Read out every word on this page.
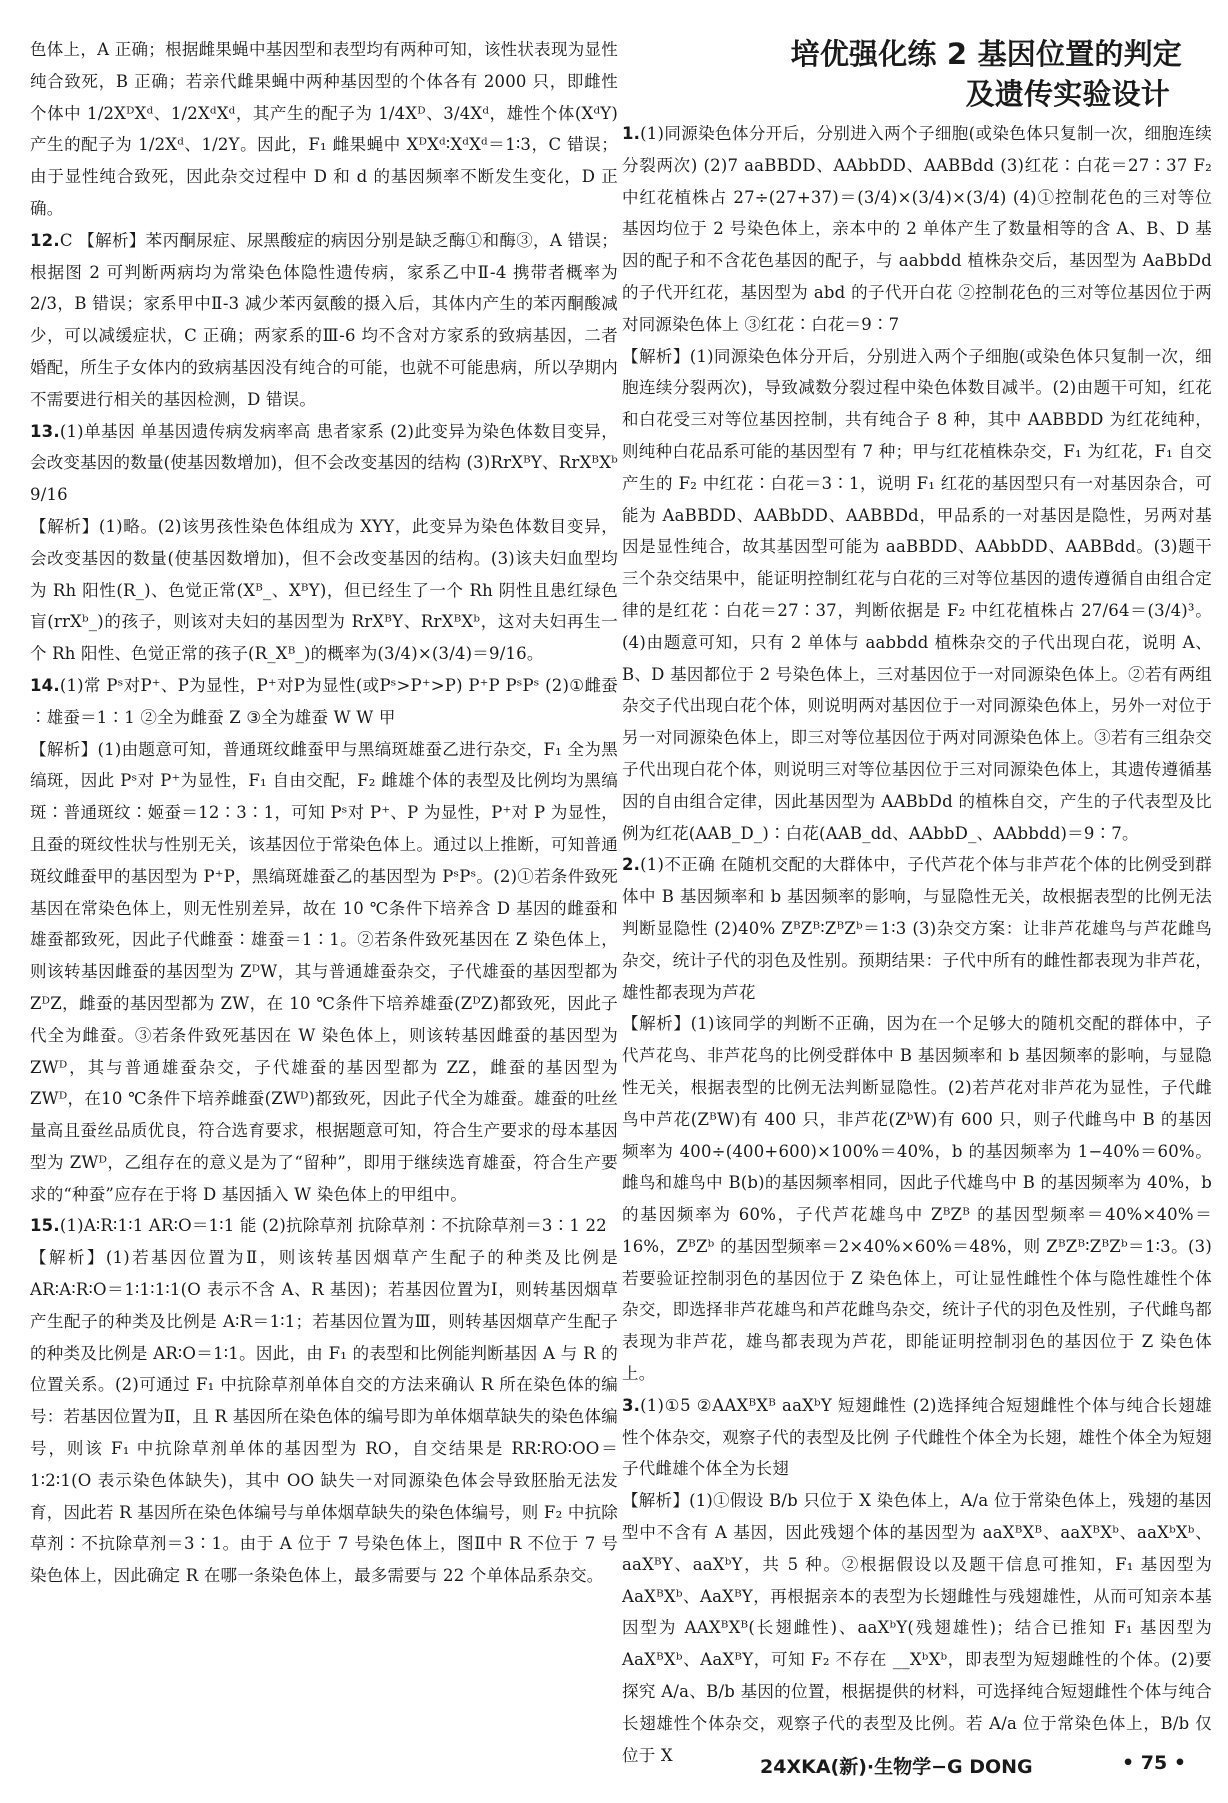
色体上，A 正确；根据雌果蝇中基因型和表型均有两种可知，该性状表现为显性纯合致死，B 正确；若亲代雌果蝇中两种基因型的个体各有 2000 只，即雌性个体中 1/2XᴰXᵈ、1/2XᵈXᵈ，其产生的配子为 1/4Xᴰ、3/4Xᵈ，雄性个体(XᵈY)产生的配子为 1/2Xᵈ、1/2Y。因此，F₁ 雌果蝇中 XᴰXᵈ∶XᵈXᵈ＝1∶3，C 错误；由于显性纯合致死，因此杂交过程中 D 和 d 的基因频率不断发生变化，D 正确。

12.C 【解析】苯丙酮尿症、尿黑酸症的病因分别是缺乏酶①和酶③，A 错误；根据图 2 可判断两病均为常染色体隐性遗传病，家系乙中Ⅱ-4 携带者概率为 2/3，B 错误；家系甲中Ⅱ-3 减少苯丙氨酸的摄入后，其体内产生的苯丙酮酸减少，可以减缓症状，C 正确；两家系的Ⅲ-6 均不含对方家系的致病基因，二者婚配，所生子女体内的致病基因没有纯合的可能，也就不可能患病，所以孕期内不需要进行相关的基因检测，D 错误。

13.(1)单基因 单基因遗传病发病率高 患者家系 (2)此变异为染色体数目变异，会改变基因的数量(使基因数增加)，但不会改变基因的结构 (3)RrXᴮY、RrXᴮXᵇ 9/16

【解析】(1)略。(2)该男孩性染色体组成为 XYY，此变异为染色体数目变异，会改变基因的数量(使基因数增加)，但不会改变基因的结构。(3)该夫妇血型均为 Rh 阳性(R_)、色觉正常(Xᴮ_、XᴮY)，但已经生了一个 Rh 阴性且患红绿色盲(rrXᵇ_)的孩子，则该对夫妇的基因型为 RrXᴮY、RrXᴮXᵇ，这对夫妇再生一个 Rh 阳性、色觉正常的孩子(R_Xᴮ_)的概率为(3/4)×(3/4)＝9/16。

14.(1)常 Pˢ对P⁺、P为显性，P⁺对P为显性(或Pˢ>P⁺>P) P⁺P PˢPˢ (2)①雌蚕∶雄蚕＝1∶1 ②全为雌蚕 Z ③全为雄蚕 W W 甲

【解析】(1)由题意可知，普通斑纹雌蚕甲与黑缟斑雄蚕乙进行杂交，F₁ 全为黑缟斑，因此 Pˢ对 P⁺为显性，F₁ 自由交配，F₂ 雌雄个体的表型及比例均为黑缟斑∶普通斑纹∶姬蚕＝12∶3∶1，可知 Pˢ对 P⁺、P 为显性，P⁺对 P 为显性，且蚕的斑纹性状与性别无关，该基因位于常染色体上。通过以上推断，可知普通斑纹雌蚕甲的基因型为 P⁺P，黑缟斑雄蚕乙的基因型为 PˢPˢ。(2)①若条件致死基因在常染色体上，则无性别差异，故在 10 ℃条件下培养含 D 基因的雌蚕和雄蚕都致死，因此子代雌蚕∶雄蚕＝1∶1。②若条件致死基因在 Z 染色体上，则该转基因雌蚕的基因型为 ZᴰW，其与普通雄蚕杂交，子代雄蚕的基因型都为 ZᴰZ，雌蚕的基因型都为 ZW，在 10 ℃条件下培养雄蚕(ZᴰZ)都致死，因此子代全为雌蚕。③若条件致死基因在 W 染色体上，则该转基因雌蚕的基因型为 ZWᴰ，其与普通雄蚕杂交，子代雄蚕的基因型都为 ZZ，雌蚕的基因型为 ZWᴰ，在10 ℃条件下培养雌蚕(ZWᴰ)都致死，因此子代全为雄蚕。雄蚕的吐丝量高且蚕丝品质优良，符合选育要求，根据题意可知，符合生产要求的母本基因型为 ZWᴰ，乙组存在的意义是为了“留种”，即用于继续选育雄蚕，符合生产要求的“种蚕”应存在于将 D 基因插入 W 染色体上的甲组中。

15.(1)A∶R∶1∶1 AR∶O＝1∶1 能 (2)抗除草剂 抗除草剂∶不抗除草剂＝3∶1 22

【解析】(1)若基因位置为Ⅱ，则该转基因烟草产生配子的种类及比例是 AR∶A∶R∶O＝1∶1∶1∶1(O 表示不含 A、R 基因)；若基因位置为Ⅰ，则转基因烟草产生配子的种类及比例是 A∶R＝1∶1；若基因位置为Ⅲ，则转基因烟草产生配子的种类及比例是 AR∶O＝1∶1。因此，由 F₁ 的表型和比例能判断基因 A 与 R 的位置关系。(2)可通过 F₁ 中抗除草剂单体自交的方法来确认 R 所在染色体的编号：若基因位置为Ⅱ，且 R 基因所在染色体的编号即为单体烟草缺失的染色体编号，则该 F₁ 中抗除草剂单体的基因型为 RO，自交结果是 RR∶RO∶OO＝1∶2∶1(O 表示染色体缺失)，其中 OO 缺失一对同源染色体会导致胚胎无法发育，因此若 R 基因所在染色体编号与单体烟草缺失的染色体编号，则 F₂ 中抗除草剂∶不抗除草剂＝3∶1。由于 A 位于 7 号染色体上，图Ⅱ中 R 不位于 7 号染色体上，因此确定 R 在哪一条染色体上，最多需要与 22 个单体品系杂交。

培优强化练 2 基因位置的判定
及遗传实验设计

1.(1)同源染色体分开后，分别进入两个子细胞(或染色体只复制一次，细胞连续分裂两次) (2)7 aaBBDD、AAbbDD、AABBdd (3)红花∶白花＝27∶37 F₂ 中红花植株占 27÷(27+37)＝(3/4)×(3/4)×(3/4) (4)①控制花色的三对等位基因均位于 2 号染色体上，亲本中的 2 单体产生了数量相等的含 A、B、D 基因的配子和不含花色基因的配子，与 aabbdd 植株杂交后，基因型为 AaBbDd 的子代开红花，基因型为 abd 的子代开白花 ②控制花色的三对等位基因位于两对同源染色体上 ③红花∶白花＝9∶7

【解析】(1)同源染色体分开后，分别进入两个子细胞(或染色体只复制一次，细胞连续分裂两次)，导致减数分裂过程中染色体数目减半。(2)由题干可知，红花和白花受三对等位基因控制，共有纯合子 8 种，其中 AABBDD 为红花纯种，则纯种白花品系可能的基因型有 7 种；甲与红花植株杂交，F₁ 为红花，F₁ 自交产生的 F₂ 中红花∶白花＝3∶1，说明 F₁ 红花的基因型只有一对基因杂合，可能为 AaBBDD、AABbDD、AABBDd，甲品系的一对基因是隐性，另两对基因是显性纯合，故其基因型可能为 aaBBDD、AAbbDD、AABBdd。(3)题干三个杂交结果中，能证明控制红花与白花的三对等位基因的遗传遵循自由组合定律的是红花∶白花＝27∶37，判断依据是 F₂ 中红花植株占 27/64＝(3/4)³。(4)由题意可知，只有 2 单体与 aabbdd 植株杂交的子代出现白花，说明 A、B、D 基因都位于 2 号染色体上，三对基因位于一对同源染色体上。②若有两组杂交子代出现白花个体，则说明两对基因位于一对同源染色体上，另外一对位于另一对同源染色体上，即三对等位基因位于两对同源染色体上。③若有三组杂交子代出现白花个体，则说明三对等位基因位于三对同源染色体上，其遗传遵循基因的自由组合定律，因此基因型为 AABbDd 的植株自交，产生的子代表型及比例为红花(AAB_D_)∶白花(AAB_dd、AAbbD_、AAbbdd)＝9∶7。

2.(1)不正确 在随机交配的大群体中，子代芦花个体与非芦花个体的比例受到群体中 B 基因频率和 b 基因频率的影响，与显隐性无关，故根据表型的比例无法判断显隐性 (2)40% ZᴮZᴮ∶ZᴮZᵇ＝1∶3 (3)杂交方案：让非芦花雄鸟与芦花雌鸟杂交，统计子代的羽色及性别。预期结果：子代中所有的雌性都表现为非芦花，雄性都表现为芦花

【解析】(1)该同学的判断不正确，因为在一个足够大的随机交配的群体中，子代芦花鸟、非芦花鸟的比例受群体中 B 基因频率和 b 基因频率的影响，与显隐性无关，根据表型的比例无法判断显隐性。(2)若芦花对非芦花为显性，子代雌鸟中芦花(ZᴮW)有 400 只，非芦花(ZᵇW)有 600 只，则子代雌鸟中 B 的基因频率为 400÷(400+600)×100%＝40%，b 的基因频率为 1−40%＝60%。雌鸟和雄鸟中 B(b)的基因频率相同，因此子代雄鸟中 B 的基因频率为 40%，b 的基因频率为 60%，子代芦花雄鸟中 ZᴮZᴮ 的基因型频率＝40%×40%＝16%，ZᴮZᵇ 的基因型频率＝2×40%×60%＝48%，则 ZᴮZᴮ∶ZᴮZᵇ＝1∶3。(3)若要验证控制羽色的基因位于 Z 染色体上，可让显性雌性个体与隐性雄性个体杂交，即选择非芦花雄鸟和芦花雌鸟杂交，统计子代的羽色及性别，子代雌鸟都表现为非芦花，雄鸟都表现为芦花，即能证明控制羽色的基因位于 Z 染色体上。

3.(1)①5 ②AAXᴮXᴮ aaXᵇY 短翅雌性 (2)选择纯合短翅雌性个体与纯合长翅雄性个体杂交，观察子代的表型及比例 子代雌性个体全为长翅，雄性个体全为短翅 子代雌雄个体全为长翅

【解析】(1)①假设 B/b 只位于 X 染色体上，A/a 位于常染色体上，残翅的基因型中不含有 A 基因，因此残翅个体的基因型为 aaXᴮXᴮ、aaXᴮXᵇ、aaXᵇXᵇ、aaXᴮY、aaXᵇY，共 5 种。②根据假设以及题干信息可推知，F₁ 基因型为 AaXᴮXᵇ、AaXᴮY，再根据亲本的表型为长翅雌性与残翅雄性，从而可知亲本基因型为 AAXᴮXᴮ(长翅雌性)、aaXᵇY(残翅雄性)；结合已推知 F₁ 基因型为 AaXᴮXᵇ、AaXᴮY，可知 F₂ 不存在 __XᵇXᵇ，即表型为短翅雌性的个体。(2)要探究 A/a、B/b 基因的位置，根据提供的材料，可选择纯合短翅雌性个体与纯合长翅雄性个体杂交，观察子代的表型及比例。若 A/a 位于常染色体上，B/b 仅位于 X

24XKA(新)·生物学−G DONG	• 75 •
